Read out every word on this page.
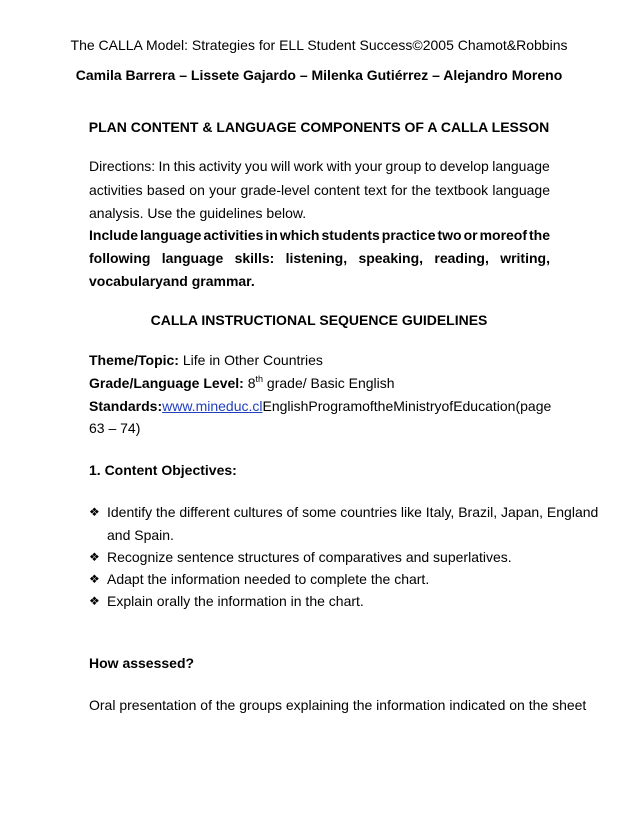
The CALLA Model: Strategies for ELL Student Success©2005 Chamot&Robbins
Camila Barrera – Lissete Gajardo – Milenka Gutiérrez – Alejandro Moreno
PLAN CONTENT & LANGUAGE COMPONENTS OF A CALLA LESSON
Directions: In this activity you will work with your group to develop language
activities based on your grade-level content text for the textbook language
analysis. Use the guidelines below.
Include language activities in which students practice two or moreof the
following language skills: listening, speaking, reading, writing,
vocabularyand grammar.
CALLA INSTRUCTIONAL SEQUENCE GUIDELINES
Theme/Topic: Life in Other Countries
Grade/Language Level: 8th grade/ Basic English
Standards:www.mineduc.cl English Program of the Ministry of Education (page
63 – 74)
1. Content Objectives:
❖ Identify the different cultures of some countries like Italy, Brazil, Japan, England
and Spain.
❖ Recognize sentence structures of comparatives and superlatives.
❖ Adapt the information needed to complete the chart.
❖ Explain orally the information in the chart.
How assessed?
Oral presentation of the groups explaining the information indicated on the sheet
